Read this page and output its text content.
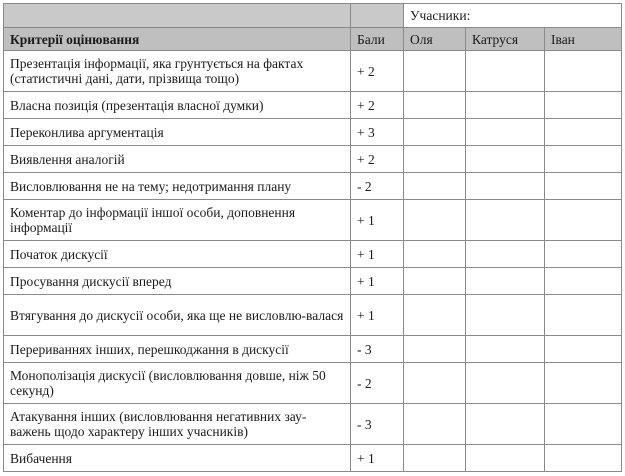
		Учасники:		
Критерії оцінювання	Бали	Оля	Катруся	Іван
Презентація інформації, яка грунтується на фактах (статистичні дані, дати, прізвища тощо)	+ 2			
Власна позиція (презентація власної думки)	+ 2			
Переконлива аргументація	+ 3			
Виявлення аналогій	+ 2			
Висловлювання не на тему; недотримання плану	- 2			
Коментар до інформації іншої особи, доповнення інформації	+ 1			
Початок дискусії	+ 1			
Просування дискусії вперед	+ 1			
Втягування до дискусії особи, яка ще не висловлю-валася	+ 1			
Перериваннях інших, перешкоджання в дискусії	- 3			
Монополізація дискусії (висловлювання довше, ніж 50 секунд)	- 2			
Атакування інших (висловлювання негативних зау-важень щодо характеру інших учасників)	- 3			
Вибачення	+ 1			
